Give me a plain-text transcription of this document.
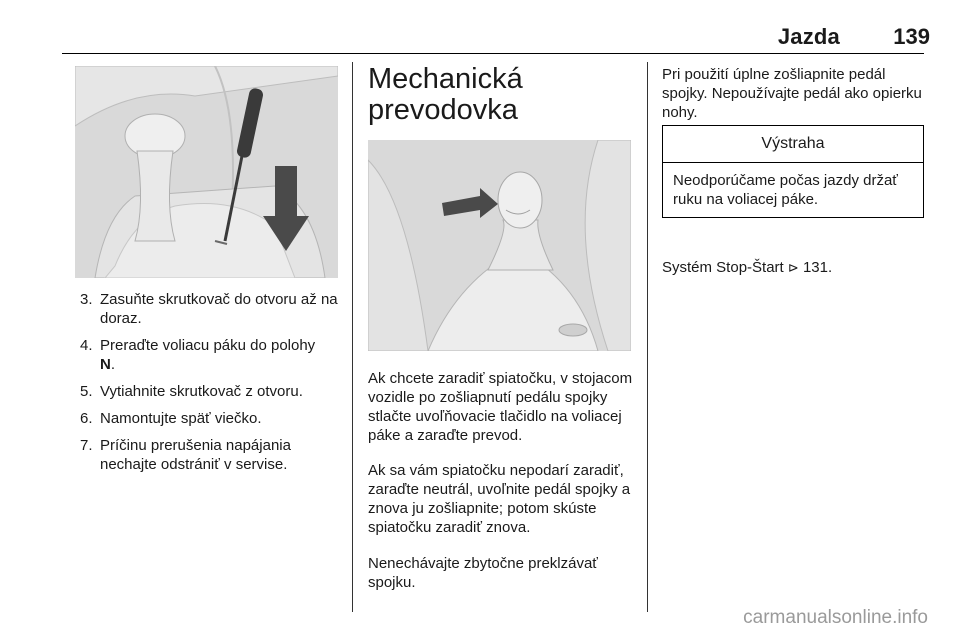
Jazda	139
3. Zasuňte skrutkovač do otvoru až na doraz.
4. Preraďte voliacu páku do polohy
N.
5. Vytiahnite skrutkovač z otvoru.
6. Namontujte späť viečko.
7. Príčinu prerušenia napájania nechajte odstrániť v servise.
Mechanická prevodovka

Ak chcete zaradiť spiatočku, v stojacom vozidle po zošliapnutí pedálu spojky stlačte uvoľňovacie tlačidlo na voliacej páke a zaraďte prevod.

Ak sa vám spiatočku nepodarí zaradiť, zaraďte neutrál, uvoľnite pedál spojky a znova ju zošliapnite; potom skúste spiatočku zaradiť znova.

Nenechávajte zbytočne preklzávať spojku.

Pri použití úplne zošliapnite pedál spojky. Nepoužívajte pedál ako opierku nohy.

Výstraha
Neodporúčame počas jazdy držať ruku na voliacej páke.

Systém Stop-Štart ⊳ 131.

carmanualsonline.info
